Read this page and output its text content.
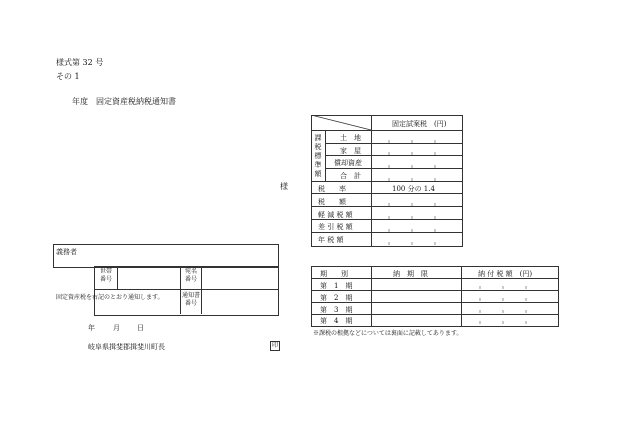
様式第 32 号
その 1
年度　固定資産税納税通知書
様
固定試案税　(円)
課税標準額
土　地
家　屋
償却資産
合　計
税　　率	100 分の 1.4
税　　額
軽 減 税 額
差 引 税 額
年 税 額
義務者
世帯番号
宛名番号
通知書番号
固定資産税を右記のとおり通知します。
年	月 日
岐阜県揖斐郡揖斐川町長	印
期　　別	納　期　限	納 付 税 額　(円)
第　1　期
第　2　期
第　3　期
第　4　期
※課税の根拠などについては裏面に記載してあります。
